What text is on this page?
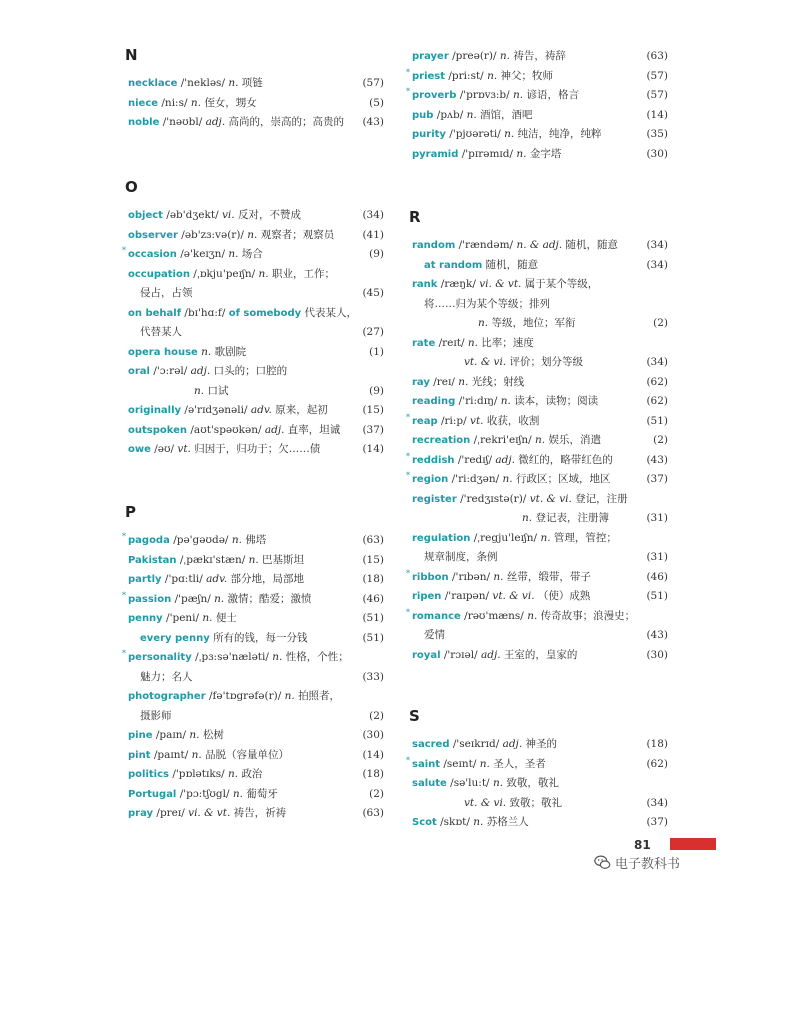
N
necklace /'nekləs/ n. 项链	(57)
niece /ni:s/ n. 侄女，甥女	(5)
noble /'nəʊbl/ adj. 高尚的，崇高的；高贵的 (43)
O
object /əb'dʒekt/ vi. 反对，不赞成	(34)
observer /əb'zɜ:və(r)/ n. 观察者；观察员	(41)
* occasion /ə'keɪʒn/ n. 场合	(9)
occupation /ˌɒkju'peɪʃn/ n. 职业，工作；
侵占，占领	(45)
on behalf /bɪ'hɑ:f/ of somebody 代表某人，
代替某人	(27)
opera house n. 歌剧院	(1)
oral /'ɔ:rəl/ adj. 口头的；口腔的
n. 口试	(9)
originally /ə'rɪdʒənəli/ adv. 原来，起初	(15)
outspoken /aʊt'spəʊkən/ adj. 直率，坦诚 (37)
owe /əʊ/ vt. 归因于，归功于；欠……债	(14)
P
* pagoda /pə'gəʊdə/ n. 佛塔	(63)
Pakistan /ˌpækɪ'stæn/ n. 巴基斯坦	(15)
partly /'pɑ:tli/ adv. 部分地，局部地	(18)
* passion /'pæʃn/ n. 激情；酷爱；激愤	(46)
penny /'peni/ n. 便士	(51)
every penny 所有的钱，每一分钱	(51)
* personality /ˌpɜ:sə'næləti/ n. 性格，个性；
魅力；名人	(33)
photographer /fə'tɒgrəfə(r)/ n. 拍照者，
摄影师	(2)
pine /paɪn/ n. 松树	(30)
pint /paɪnt/ n. 品脱（容量单位）	(14)
politics /'pɒlətɪks/ n. 政治	(18)
Portugal /'pɔ:tʃʊgl/ n. 葡萄牙	(2)
pray /preɪ/ vi. & vt. 祷告，祈祷	(63)
prayer /preə(r)/ n. 祷告，祷辞	(63)
* priest /pri:st/ n. 神父；牧师	(57)
* proverb /'prɒvɜ:b/ n. 谚语，格言	(57)
pub /pʌb/ n. 酒馆，酒吧	(14)
purity /'pjʊərəti/ n. 纯洁，纯净，纯粹	(35)
pyramid /'pɪrəmɪd/ n. 金字塔	(30)
R
random /'rændəm/ n. & adj. 随机，随意	(34)
at random 随机，随意	(34)
rank /ræŋk/ vi. & vt. 属于某个等级，
将……归为某个等级；排列
n. 等级，地位；军衔	(2)
rate /reɪt/ n. 比率；速度
vt. & vi. 评价；划分等级	(34)
ray /reɪ/ n. 光线；射线	(62)
reading /'ri:dɪŋ/ n. 读本，读物；阅读	(62)
* reap /ri:p/ vt. 收获，收割	(51)
recreation /ˌrekri'eɪʃn/ n. 娱乐，消遣	(2)
* reddish /'redɪʃ/ adj. 微红的，略带红色的	(43)
* region /'ri:dʒən/ n. 行政区；区域，地区	(37)
register /'redʒɪstə(r)/ vt. & vi. 登记，注册
n. 登记表，注册簿	(31)
regulation /ˌregju'leɪʃn/ n. 管理，管控；
规章制度，条例	(31)
* ribbon /'rɪbən/ n. 丝带，缎带，带子	(46)
ripen /'raɪpən/ vt. & vi. （使）成熟	(51)
* romance /rəʊ'mæns/ n. 传奇故事；浪漫史；
爱情	(43)
royal /'rɔɪəl/ adj. 王室的，皇家的	(30)
S
sacred /'seɪkrɪd/ adj. 神圣的	(18)
* saint /seɪnt/ n. 圣人，圣者	(62)
salute /sə'lu:t/ n. 致敬，敬礼
vt. & vi. 致敬；敬礼	(34)
Scot /skɒt/ n. 苏格兰人	(37)
81
电子教科书
